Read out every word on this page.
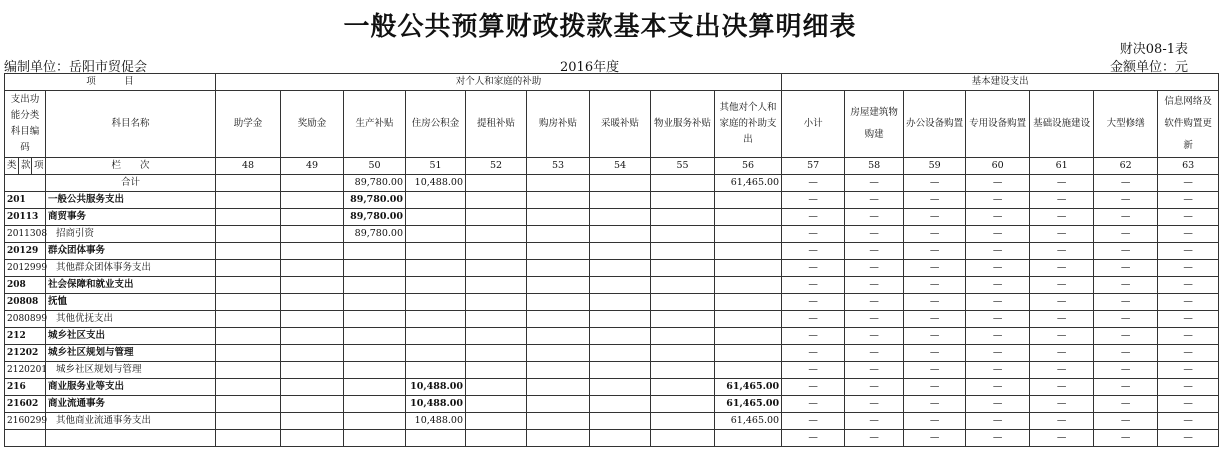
一般公共预算财政拨款基本支出决算明细表
财决08-1表
编制单位：岳阳市贸促会	2016年度	金额单位：元
项　　　目				对个人和家庭的补助									基本建设支出						
支出功能分类科目编码			科目名称	助学金	奖励金	生产补贴	住房公积金	提租补贴	购房补贴	采暖补贴	物业服务补贴	其他对个人和家庭的补助支出	小计	房屋建筑物购建	办公设备购置	专用设备购置	基础设施建设	大型修缮	信息网络及软件购置更新
类	款	项	栏　　次	48	49	50	51	52	53	54	55	56	57	58	59	60	61	62	63
			合计			89,780.00	10,488.00					61,465.00	—	—	—	—	—	—	—
201			一般公共服务支出			89,780.00							—	—	—	—	—	—	—
20113			商贸事务			89,780.00							—	—	—	—	—	—	—
2011308			招商引资			89,780.00							—	—	—	—	—	—	—
20129			群众团体事务										—	—	—	—	—	—	—
2012999			其他群众团体事务支出										—	—	—	—	—	—	—
208			社会保障和就业支出										—	—	—	—	—	—	—
20808			抚恤										—	—	—	—	—	—	—
2080899			其他优抚支出										—	—	—	—	—	—	—
212			城乡社区支出										—	—	—	—	—	—	—
21202			城乡社区规划与管理										—	—	—	—	—	—	—
2120201			城乡社区规划与管理										—	—	—	—	—	—	—
216			商业服务业等支出				10,488.00					61,465.00	—	—	—	—	—	—	—
21602			商业流通事务				10,488.00					61,465.00	—	—	—	—	—	—	—
2160299			其他商业流通事务支出				10,488.00					61,465.00	—	—	—	—	—	—	—
													—	—	—	—	—	—	—
